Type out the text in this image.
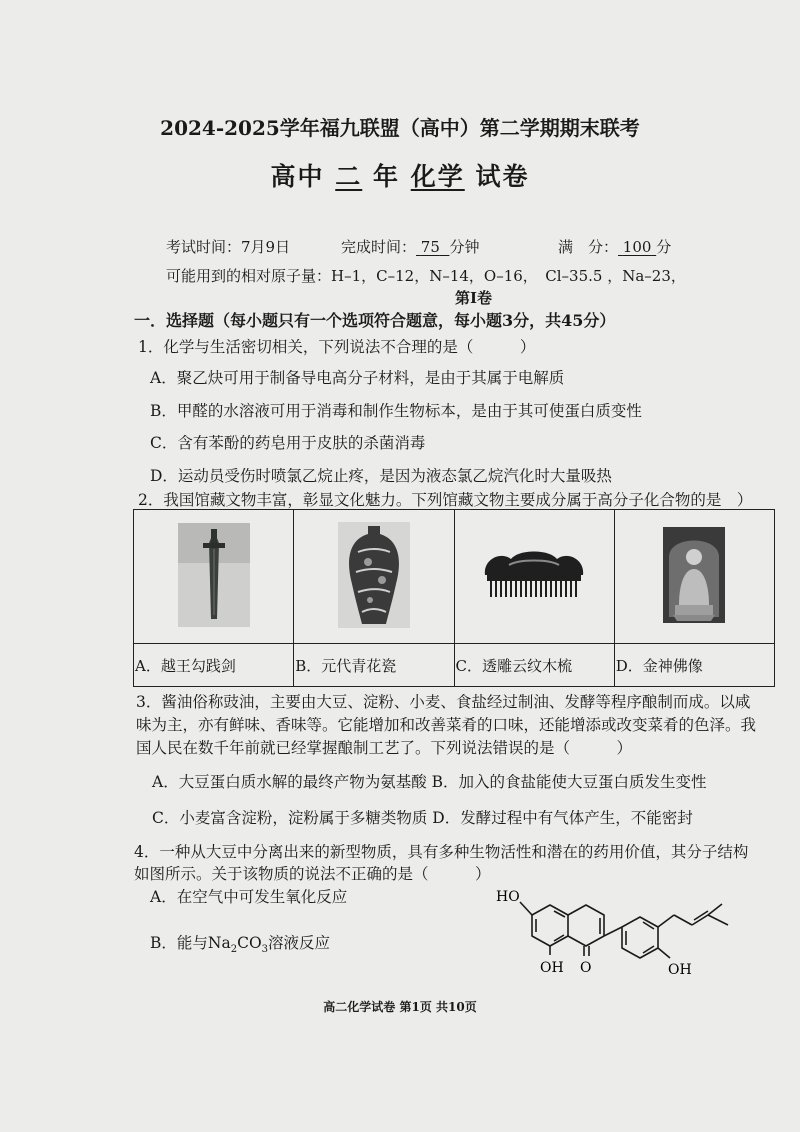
2024-2025学年福九联盟（高中）第二学期期末联考
高中 二 年 化学 试卷
考试时间：7月9日	完成时间： 75 分钟	满　分： 100 分
可能用到的相对原子量：H–1，C–12，N–14，O–16，　Cl–35.5 ，Na–23，
第Ⅰ卷
一．选择题（每小题只有一个选项符合题意，每小题3分，共45分）
1．化学与生活密切相关，下列说法不合理的是（　　　）
A．聚乙炔可用于制备导电高分子材料，是由于其属于电解质
B．甲醛的水溶液可用于消毒和制作生物标本，是由于其可使蛋白质变性
C．含有苯酚的药皂用于皮肤的杀菌消毒
D．运动员受伤时喷氯乙烷止疼，是因为液态氯乙烷汽化时大量吸热
2．我国馆藏文物丰富，彰显文化魅力。下列馆藏文物主要成分属于高分子化合物的是　）

A．越王勾践剑	B．元代青花瓷	C．透雕云纹木梳	D．金神佛像
3．酱油俗称豉油，主要由大豆、淀粉、小麦、食盐经过制油、发酵等程序酿制而成。以咸
味为主，亦有鲜味、香味等。它能增加和改善菜肴的口味，还能增添或改变菜肴的色泽。我
国人民在数千年前就已经掌握酿制工艺了。下列说法错误的是（　　　）
A．大豆蛋白质水解的最终产物为氨基酸 B．加入的食盐能使大豆蛋白质发生变性
C．小麦富含淀粉，淀粉属于多糖类物质 D．发酵过程中有气体产生，不能密封
4．一种从大豆中分离出来的新型物质，具有多种生物活性和潜在的药用价值，其分子结构
如图所示。关于该物质的说法不正确的是（　　　）
A．在空气中可发生氧化反应
B．能与$Na_2CO_3$溶液反应
HO
OH O	OH
高二化学试卷 第1页 共10页
